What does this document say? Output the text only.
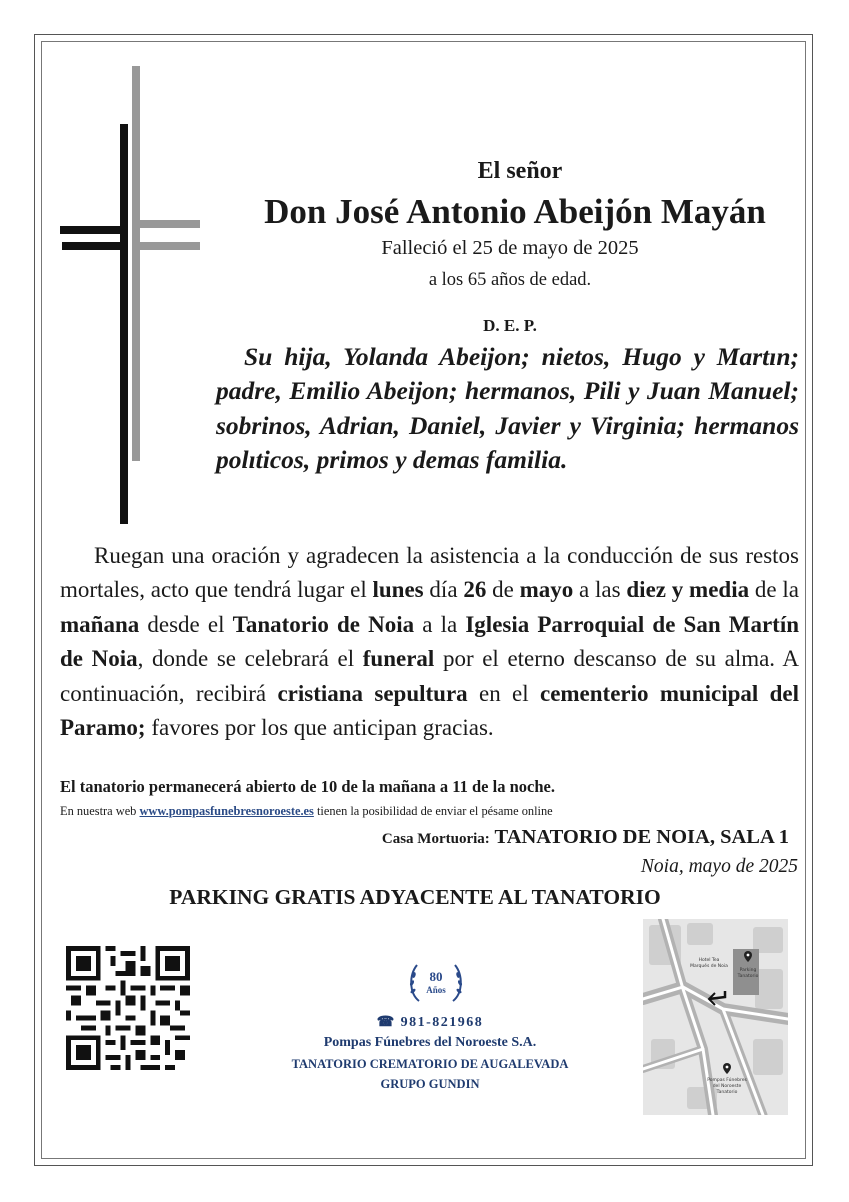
El señor
Don José Antonio Abeijón Mayán
Falleció el 25 de mayo de 2025
a los 65 años de edad.
D. E. P.

Su hija, Yolanda Abeijon; nietos, Hugo y Martın; padre, Emilio Abeijon; hermanos, Pili y Juan Manuel; sobrinos, Adrian, Daniel, Javier y Virginia; hermanos polıticos, primos y demas familia.

Ruegan una oración y agradecen la asistencia a la conducción de sus restos mortales, acto que tendrá lugar el lunes día 26 de mayo a las diez y media de la mañana desde el Tanatorio de Noia a la Iglesia Parroquial de San Martín de Noia, donde se celebrará el funeral por el eterno descanso de su alma. A continuación, recibirá cristiana sepultura en el cementerio municipal del Paramo; favores por los que anticipan gracias.

El tanatorio permanecerá abierto de 10 de la mañana a 11 de la noche.
En nuestra web www.pompasfunebresnoroeste.es tienen la posibilidad de enviar el pésame online
Casa Mortuoria: TANATORIO DE NOIA, SALA 1
Noia, mayo de 2025
PARKING GRATIS ADYACENTE AL TANATORIO
80
Años
☎ 981-821968
Pompas Fúnebres del Noroeste S.A.
TANATORIO CREMATORIO DE AUGALEVADA
GRUPO GUNDIN
Hotel Tea
Marqués de Noia
Parking
Tanatorio
Pompas Fúnebres
del Noroeste
Tanatorio
